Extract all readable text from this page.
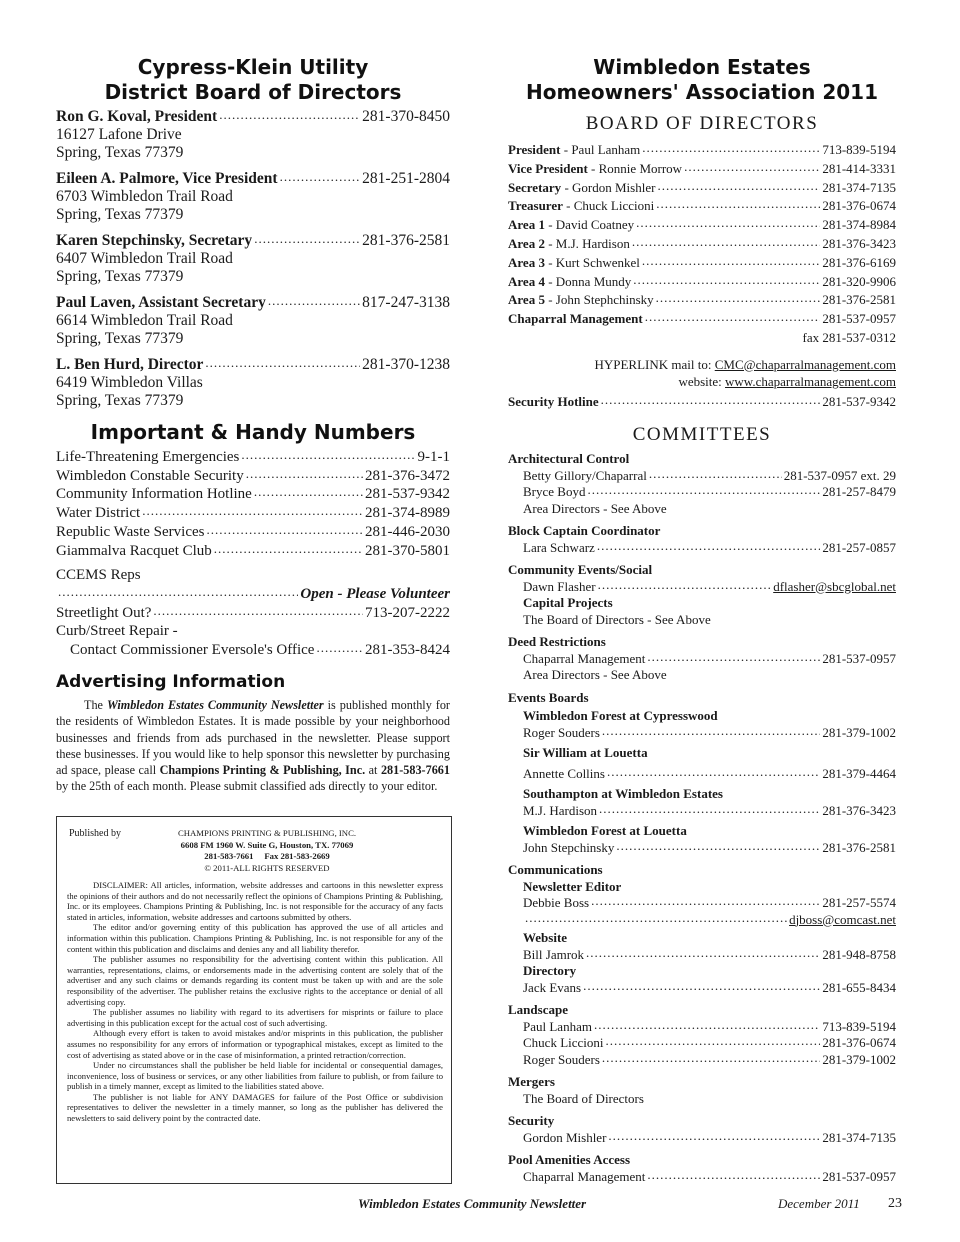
Cypress-Klein Utility
District Board of Directors
Ron G. Koval, President .....	281-370-8450
16127 Lafone Drive
Spring, Texas 77379
Eileen A. Palmore, Vice President .....	281-251-2804
6703 Wimbledon Trail Road
Spring, Texas 77379
Karen Stepchinsky, Secretary .....	281-376-2581
6407 Wimbledon Trail Road
Spring, Texas 77379
Paul Laven, Assistant Secretary .....	817-247-3138
6614 Wimbledon Trail Road
Spring, Texas 77379
L. Ben Hurd, Director .....	281-370-1238
6419 Wimbledon Villas
Spring, Texas 77379
Important & Handy Numbers
Life-Threatening Emergencies .....	9-1-1
Wimbledon Constable Security .....	281-376-3472
Community Information Hotline .....	281-537-9342
Water District .....	281-374-8989
Republic Waste Services .....	281-446-2030
Giammalva Racquet Club .....	281-370-5801
CCEMS Reps
.....
Open - Please Volunteer
Streetlight Out? .....	713-207-2222
Curb/Street Repair -
Contact Commissioner Eversole's Office .....	281-353-8424
Advertising Information
The Wimbledon Estates Community Newsletter is published monthly for the residents of Wimbledon Estates. It is made possible by your neighborhood businesses and friends from ads purchased in the newsletter. Please support these businesses. If you would like to help sponsor this newsletter by purchasing ad space, please call Champions Printing & Publishing, Inc. at 281-583-7661 by the 25th of each month. Please submit classified ads directly to your editor.
Published by	CHAMPIONS PRINTING & PUBLISHING, INC.
6608 FM 1960 W. Suite G, Houston, TX. 77069
281-583-7661     Fax 281-583-2669
© 2011-ALL RIGHTS RESERVED
DISCLAIMER: All articles, information, website addresses and cartoons in this newsletter express the opinions of their authors and do not necessarily reflect the opinions of Champions Printing & Publishing, Inc. or its employees. Champions Printing & Publishing, Inc. is not responsible for the accuracy of any facts stated in articles, information, website addresses and cartoons submitted by others.
The editor and/or governing entity of this publication has approved the use of all articles and information within this publication. Champions Printing & Publishing, Inc. is not responsible for any of the content within this publication and disclaims and denies any and all liability therefor.
The publisher assumes no responsibility for the advertising content within this publication. All warranties, representations, claims, or endorsements made in the advertising content are solely that of the advertiser and any such claims or demands regarding its content must be taken up with and are the sole responsibility of the advertiser. The publisher retains the exclusive rights to the acceptance or denial of all advertising copy.
The publisher assumes no liability with regard to its advertisers for misprints or failure to place advertising in this publication except for the actual cost of such advertising.
Although every effort is taken to avoid mistakes and/or misprints in this publication, the publisher assumes no responsibility for any errors of information or typographical mistakes, except as limited to the cost of advertising as stated above or in the case of misinformation, a printed retraction/correction.
Under no circumstances shall the publisher be held liable for incidental or consequential damages, inconvenience, loss of business or services, or any other liabilities from failure to publish, or from failure to publish in a timely manner, except as limited to the liabilities stated above.
The publisher is not liable for ANY DAMAGES for failure of the Post Office or subdivision representatives to deliver the newsletter in a timely manner, so long as the publisher has delivered the newsletters to said delivery point by the contracted date.
Wimbledon Estates
Homeowners' Association 2011
BOARD OF DIRECTORS
President - Paul Lanham .....	713-839-5194
Vice President - Ronnie Morrow .....	281-414-3331
Secretary - Gordon Mishler .....	281-374-7135
Treasurer - Chuck Liccioni .....	281-376-0674
Area 1 - David Coatney .....	281-374-8984
Area 2 - M.J. Hardison .....	281-376-3423
Area 3 - Kurt Schwenkel .....	281-376-6169
Area 4 - Donna Mundy .....	281-320-9906
Area 5 - John Stephchinsky .....	281-376-2581
Chaparral Management .....	281-537-0957
fax 281-537-0312
HYPERLINK mail to: CMC@chaparralmanagement.com
website: www.chaparralmanagement.com
Security Hotline .....	281-537-9342
COMMITTEES
Architectural Control
Betty Gillory/Chaparral .....	281-537-0957 ext. 29
Bryce Boyd .....	281-257-8479
Area Directors - See Above
Block Captain Coordinator
Lara Schwarz .....	281-257-0857
Community Events/Social
Dawn Flasher .....	dflasher@sbcglobal.net
Capital Projects
The Board of Directors - See Above
Deed Restrictions
Chaparral Management .....	281-537-0957
Area Directors - See Above
Events Boards
Wimbledon Forest at Cypresswood
Roger Souders .....	281-379-1002
Sir William at Louetta
Annette Collins .....	281-379-4464
Southampton at Wimbledon Estates
M.J. Hardison .....	281-376-3423
Wimbledon Forest at Louetta
John Stepchinsky .....	281-376-2581
Communications
Newsletter Editor
Debbie Boss .....	281-257-5574
.....
djboss@comcast.net
Website
Bill Jamrok .....	281-948-8758
Directory
Jack Evans .....	281-655-8434
Landscape
Paul Lanham .....	713-839-5194
Chuck Liccioni .....	281-376-0674
Roger Souders .....	281-379-1002
Mergers
The Board of Directors
Security
Gordon Mishler .....	281-374-7135
Pool Amenities Access
Chaparral Management .....	281-537-0957
Wimbledon Estates Community Newsletter	December 2011 23
